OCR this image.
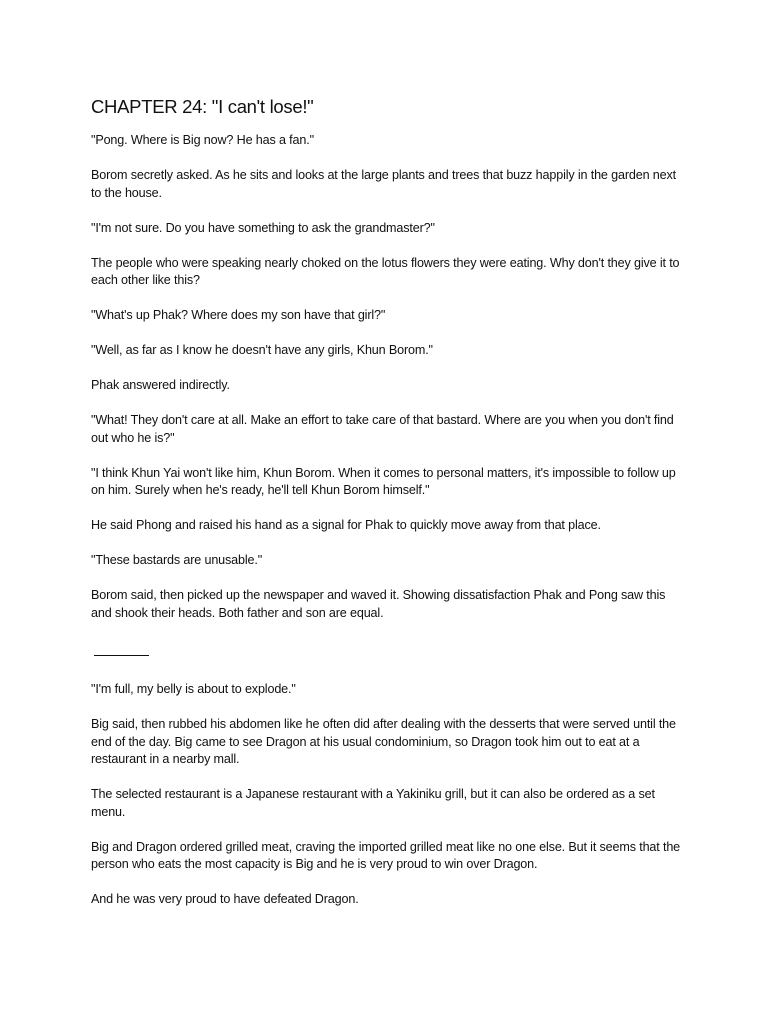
CHAPTER 24: "I can't lose!"

"Pong. Where is Big now? He has a fan."

Borom secretly asked. As he sits and looks at the large plants and trees that buzz happily in the garden next to the house.

"I'm not sure. Do you have something to ask the grandmaster?"

The people who were speaking nearly choked on the lotus flowers they were eating. Why don't they give it to each other like this?

"What's up Phak? Where does my son have that girl?"

"Well, as far as I know he doesn't have any girls, Khun Borom."

Phak answered indirectly.

"What! They don't care at all. Make an effort to take care of that bastard. Where are you when you don't find out who he is?"

"I think Khun Yai won't like him, Khun Borom. When it comes to personal matters, it's impossible to follow up on him. Surely when he's ready, he'll tell Khun Borom himself."

He said Phong and raised his hand as a signal for Phak to quickly move away from that place.

"These bastards are unusable."

Borom said, then picked up the newspaper and waved it. Showing dissatisfaction Phak and Pong saw this and shook their heads. Both father and son are equal.

"I'm full, my belly is about to explode."

Big said, then rubbed his abdomen like he often did after dealing with the desserts that were served until the end of the day. Big came to see Dragon at his usual condominium, so Dragon took him out to eat at a restaurant in a nearby mall.

The selected restaurant is a Japanese restaurant with a Yakiniku grill, but it can also be ordered as a set menu.

Big and Dragon ordered grilled meat, craving the imported grilled meat like no one else. But it seems that the person who eats the most capacity is Big and he is very proud to win over Dragon.

And he was very proud to have defeated Dragon.
